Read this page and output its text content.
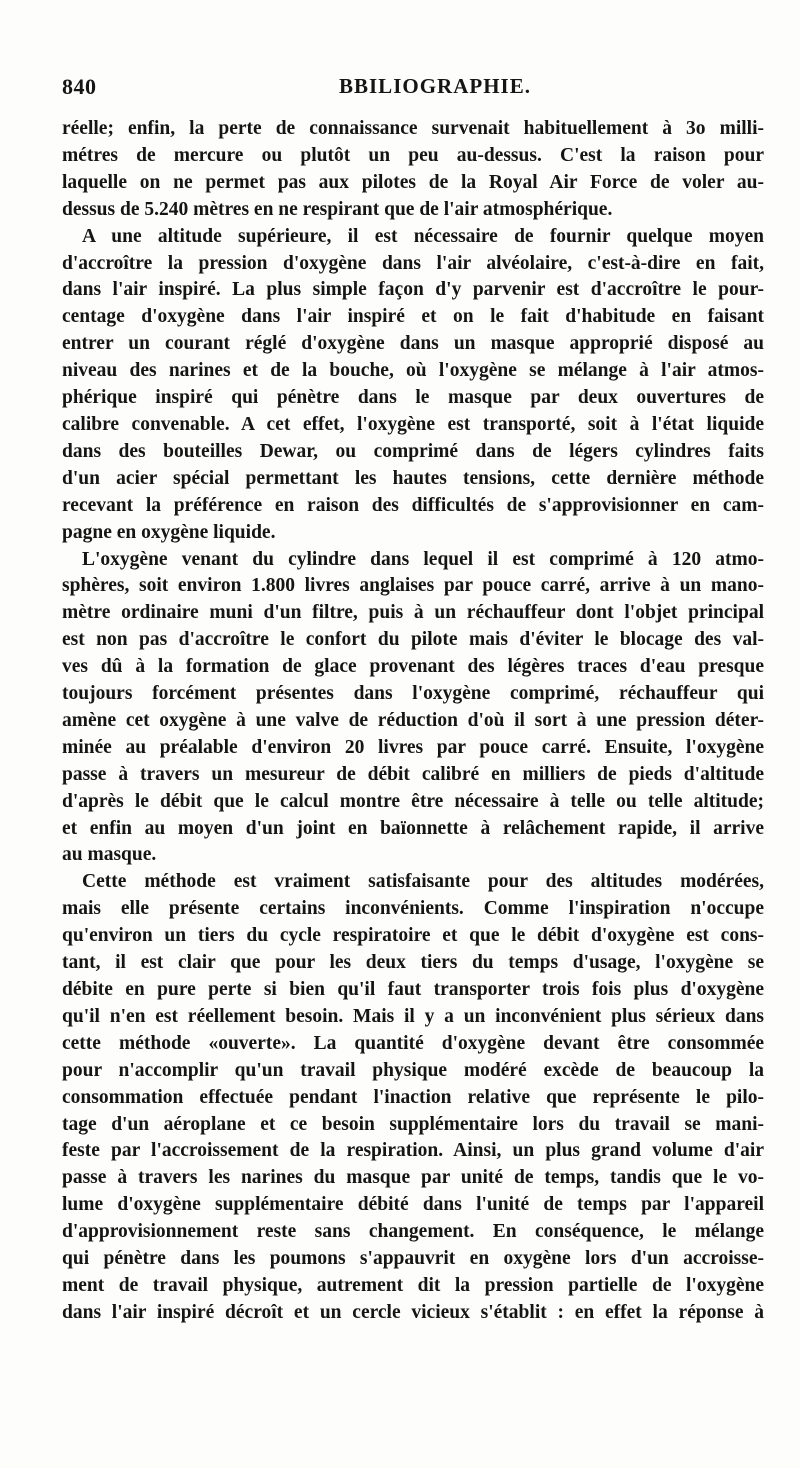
840	BBILIOGRAPHIE.

réelle; enfin, la perte de connaissance survenait habituellement à 3o milli-
métres de mercure ou plutôt un peu au-dessus. C'est la raison pour
laquelle on ne permet pas aux pilotes de la Royal Air Force de voler au-
dessus de 5.240 mètres en ne respirant que de l'air atmosphérique.

A une altitude supérieure, il est nécessaire de fournir quelque moyen
d'accroître la pression d'oxygène dans l'air alvéolaire, c'est-à-dire en fait,
dans l'air inspiré. La plus simple façon d'y parvenir est d'accroître le pour-
centage d'oxygène dans l'air inspiré et on le fait d'habitude en faisant
entrer un courant réglé d'oxygène dans un masque approprié disposé au
niveau des narines et de la bouche, où l'oxygène se mélange à l'air atmos-
phérique inspiré qui pénètre dans le masque par deux ouvertures de
calibre convenable. A cet effet, l'oxygène est transporté, soit à l'état liquide
dans des bouteilles Dewar, ou comprimé dans de légers cylindres faits
d'un acier spécial permettant les hautes tensions, cette dernière méthode
recevant la préférence en raison des difficultés de s'approvisionner en cam-
pagne en oxygène liquide.

L'oxygène venant du cylindre dans lequel il est comprimé à 120 atmo-
sphères, soit environ 1.800 livres anglaises par pouce carré, arrive à un mano-
mètre ordinaire muni d'un filtre, puis à un réchauffeur dont l'objet principal
est non pas d'accroître le confort du pilote mais d'éviter le blocage des val-
ves dû à la formation de glace provenant des légères traces d'eau presque
toujours forcément présentes dans l'oxygène comprimé, réchauffeur qui
amène cet oxygène à une valve de réduction d'où il sort à une pression déter-
minée au préalable d'environ 20 livres par pouce carré. Ensuite, l'oxygène
passe à travers un mesureur de débit calibré en milliers de pieds d'altitude
d'après le débit que le calcul montre être nécessaire à telle ou telle altitude;
et enfin au moyen d'un joint en baïonnette à relâchement rapide, il arrive
au masque.

Cette méthode est vraiment satisfaisante pour des altitudes modérées,
mais elle présente certains inconvénients. Comme l'inspiration n'occupe
qu'environ un tiers du cycle respiratoire et que le débit d'oxygène est cons-
tant, il est clair que pour les deux tiers du temps d'usage, l'oxygène se
débite en pure perte si bien qu'il faut transporter trois fois plus d'oxygène
qu'il n'en est réellement besoin. Mais il y a un inconvénient plus sérieux dans
cette méthode «ouverte». La quantité d'oxygène devant être consommée
pour n'accomplir qu'un travail physique modéré excède de beaucoup la
consommation effectuée pendant l'inaction relative que représente le pilo-
tage d'un aéroplane et ce besoin supplémentaire lors du travail se mani-
feste par l'accroissement de la respiration. Ainsi, un plus grand volume d'air
passe à travers les narines du masque par unité de temps, tandis que le vo-
lume d'oxygène supplémentaire débité dans l'unité de temps par l'appareil
d'approvisionnement reste sans changement. En conséquence, le mélange
qui pénètre dans les poumons s'appauvrit en oxygène lors d'un accroisse-
ment de travail physique, autrement dit la pression partielle de l'oxygène
dans l'air inspiré décroît et un cercle vicieux s'établit : en effet la réponse à
